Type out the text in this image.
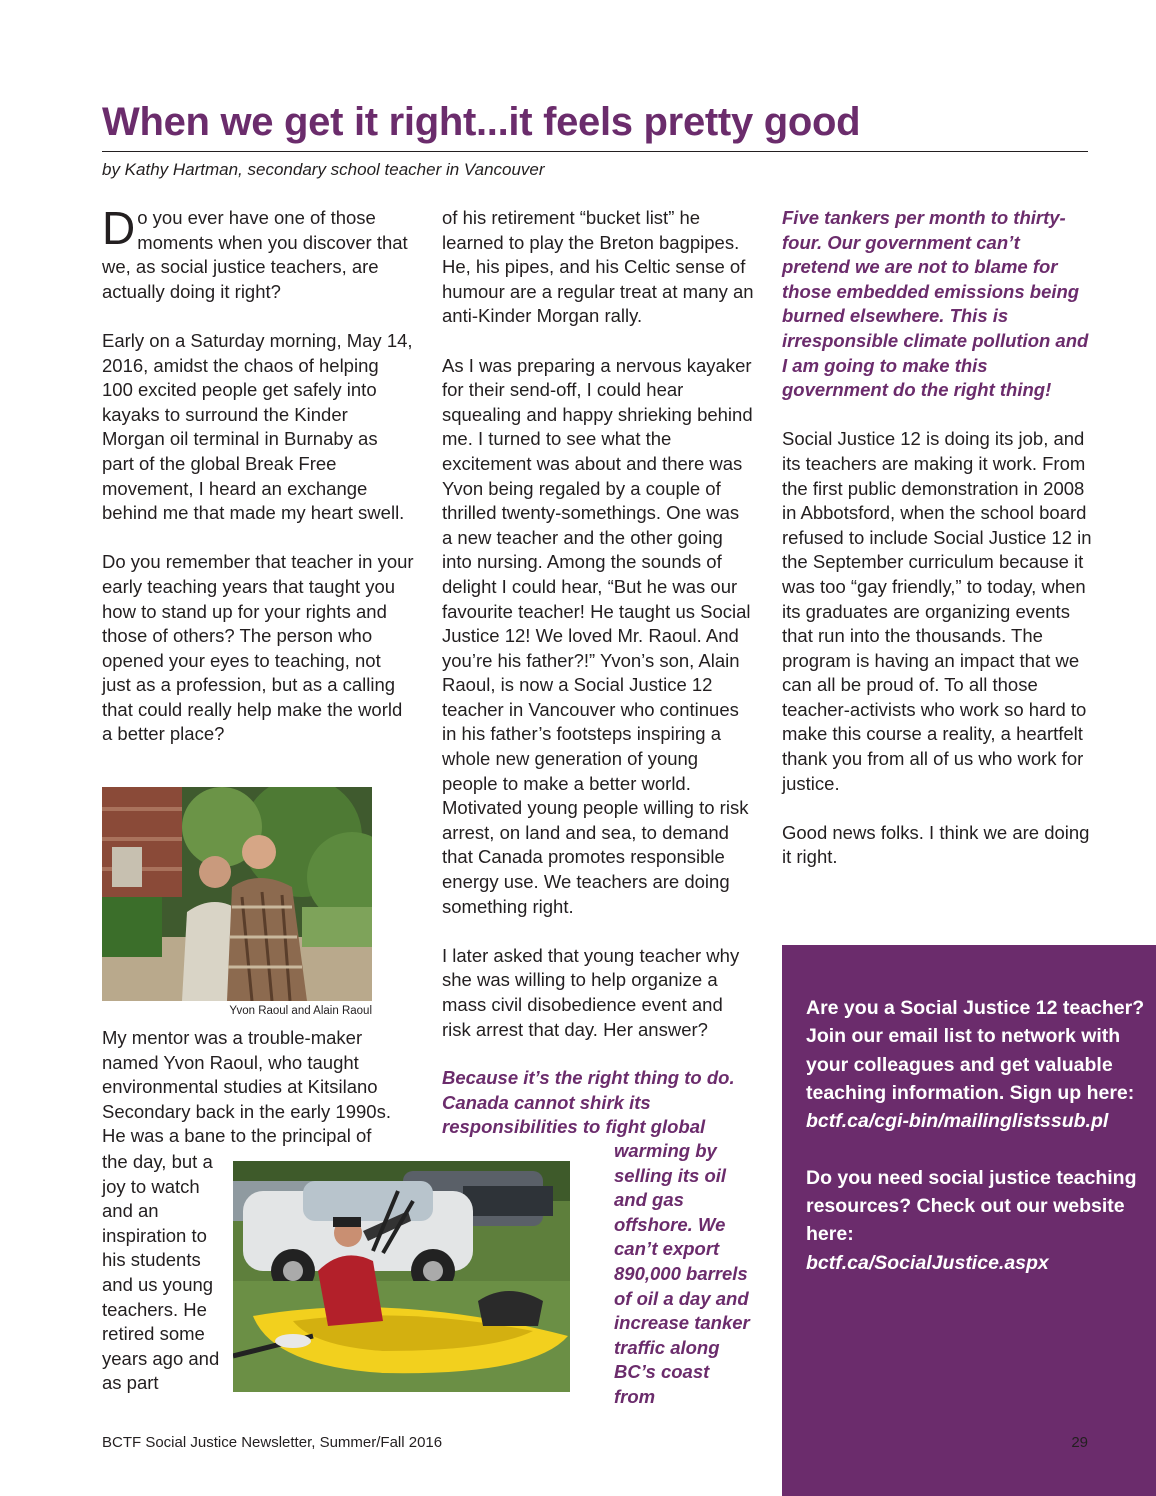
When we get it right...it feels pretty good
by Kathy Hartman, secondary school teacher in Vancouver

Do you ever have one of those moments when you discover that we, as social justice teachers, are actually doing it right?

Early on a Saturday morning, May 14, 2016, amidst the chaos of helping 100 excited people get safely into kayaks to surround the Kinder Morgan oil terminal in Burnaby as part of the global Break Free movement, I heard an exchange behind me that made my heart swell.

Do you remember that teacher in your early teaching years that taught you how to stand up for your rights and those of others? The person who opened your eyes to teaching, not just as a profession, but as a calling that could really help make the world a better place?

Yvon Raoul and Alain Raoul

My mentor was a trouble-maker named Yvon Raoul, who taught environmental studies at Kitsilano Secondary back in the early 1990s. He was a bane to the principal of

the day, but a joy to watch and an inspiration to his students and us young teachers. He retired some years ago and as part

of his retirement “bucket list” he learned to play the Breton bagpipes. He, his pipes, and his Celtic sense of humour are a regular treat at many an anti-Kinder Morgan rally.

As I was preparing a nervous kayaker for their send-off, I could hear squealing and happy shrieking behind me. I turned to see what the excitement was about and there was Yvon being regaled by a couple of thrilled twenty-somethings. One was a new teacher and the other going into nursing. Among the sounds of delight I could hear, “But he was our favourite teacher! He taught us Social Justice 12! We loved Mr. Raoul. And you’re his father?!” Yvon’s son, Alain Raoul, is now a Social Justice 12 teacher in Vancouver who continues in his father’s footsteps inspiring a whole new generation of young people to make a better world. Motivated young people willing to risk arrest, on land and sea, to demand that Canada promotes responsible energy use. We teachers are doing something right.

I later asked that young teacher why she was willing to help organize a mass civil disobedience event and risk arrest that day. Her answer?

Because it’s the right thing to do. Canada cannot shirk its responsibilities to fight global
warming by selling its oil and gas offshore. We can’t export 890,000 barrels of oil a day and increase tanker traffic along BC’s coast from

Five tankers per month to thirty-four. Our government can’t pretend we are not to blame for those embedded emissions being burned elsewhere. This is irresponsible climate pollution and I am going to make this government do the right thing!

Social Justice 12 is doing its job, and its teachers are making it work. From the first public demonstration in 2008 in Abbotsford, when the school board refused to include Social Justice 12 in the September curriculum because it was too “gay friendly,” to today, when its graduates are organizing events that run into the thousands. The program is having an impact that we can all be proud of. To all those teacher-activists who work so hard to make this course a reality, a heartfelt thank you from all of us who work for justice.

Good news folks. I think we are doing it right.

Are you a Social Justice 12 teacher? Join our email list to network with your colleagues and get valuable teaching information. Sign up here:
bctf.ca/cgi-bin/mailinglistssub.pl

Do you need social justice teaching resources? Check out our website here:
bctf.ca/SocialJustice.aspx

BCTF Social Justice Newsletter, Summer/Fall 2016	29
